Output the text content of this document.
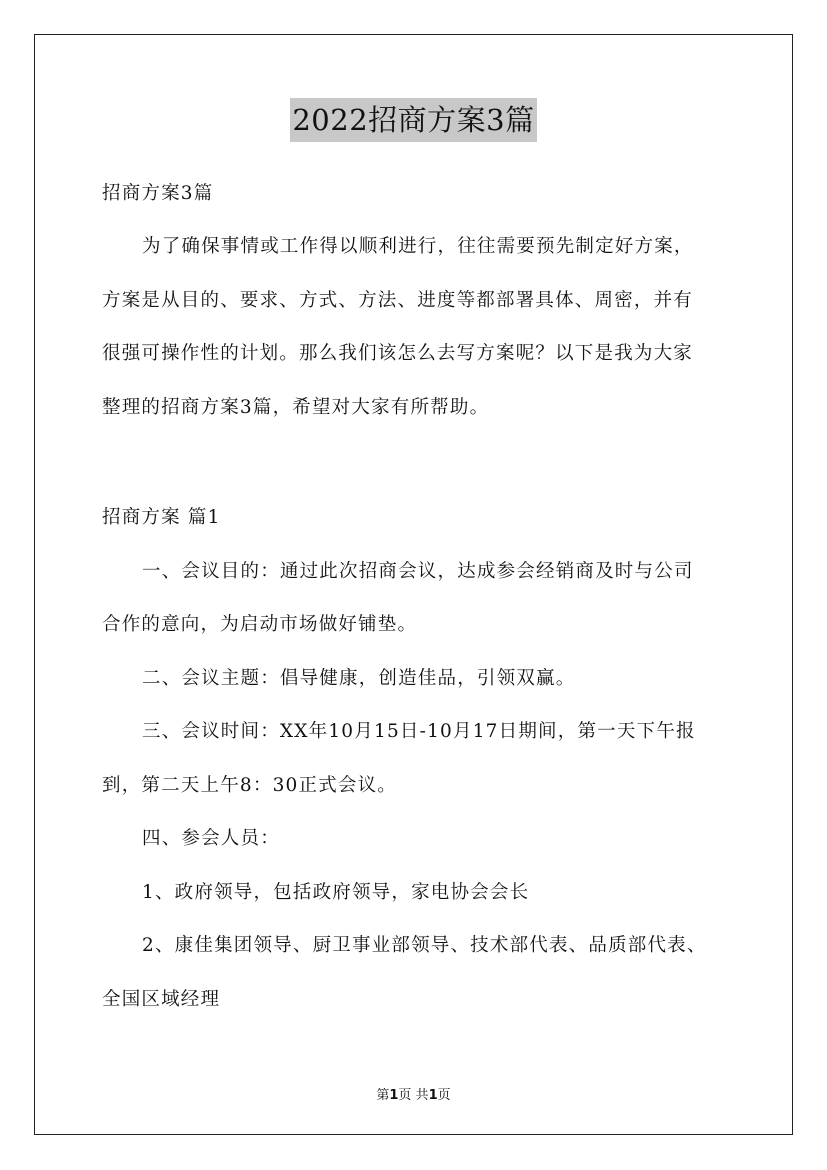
2022招商方案3篇
招商方案3篇
为了确保事情或工作得以顺利进行，往往需要预先制定好方案，
方案是从目的、要求、方式、方法、进度等都部署具体、周密，并有
很强可操作性的计划。那么我们该怎么去写方案呢？以下是我为大家
整理的招商方案3篇，希望对大家有所帮助。
招商方案 篇1
一、会议目的：通过此次招商会议，达成参会经销商及时与公司
合作的意向，为启动市场做好铺垫。
二、会议主题：倡导健康，创造佳品，引领双赢。
三、会议时间：XX年10月15日-10月17日期间，第一天下午报
到，第二天上午8：30正式会议。
四、参会人员：
1、政府领导，包括政府领导，家电协会会长
2、康佳集团领导、厨卫事业部领导、技术部代表、品质部代表、
全国区域经理
第1页 共1页
